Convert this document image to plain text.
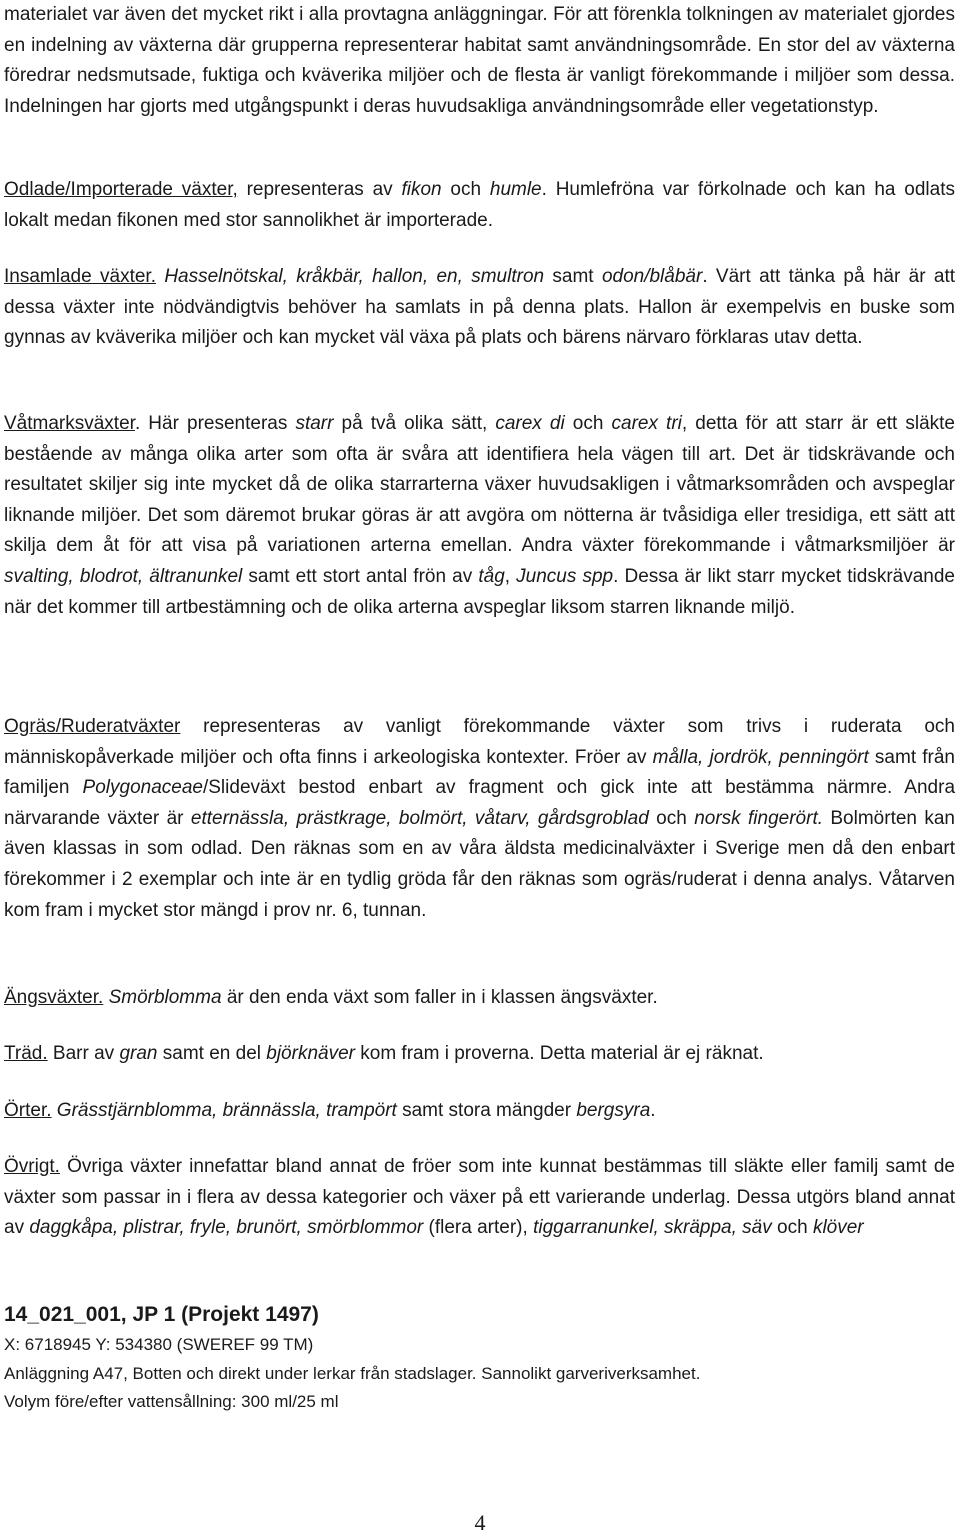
materialet var även det mycket rikt i alla provtagna anläggningar. För att förenkla tolkningen av materialet gjordes en indelning av växterna där grupperna representerar habitat samt användningsområde. En stor del av växterna föredrar nedsmutsade, fuktiga och kväverika miljöer och de flesta är vanligt förekommande i miljöer som dessa. Indelningen har gjorts med utgångspunkt i deras huvudsakliga användningsområde eller vegetationstyp.

Odlade/Importerade växter, representeras av fikon och humle. Humlefröna var förkolnade och kan ha odlats lokalt medan fikonen med stor sannolikhet är importerade.

Insamlade växter. Hasselnötskal, kråkbär, hallon, en, smultron samt odon/blåbär. Värt att tänka på här är att dessa växter inte nödvändigtvis behöver ha samlats in på denna plats. Hallon är exempelvis en buske som gynnas av kväverika miljöer och kan mycket väl växa på plats och bärens närvaro förklaras utav detta.

Våtmarksväxter. Här presenteras starr på två olika sätt, carex di och carex tri, detta för att starr är ett släkte bestående av många olika arter som ofta är svåra att identifiera hela vägen till art. Det är tidskrävande och resultatet skiljer sig inte mycket då de olika starrarterna växer huvudsakligen i våtmarksområden och avspeglar liknande miljöer. Det som däremot brukar göras är att avgöra om nötterna är tvåsidiga eller tresidiga, ett sätt att skilja dem åt för att visa på variationen arterna emellan. Andra växter förekommande i våtmarksmiljöer är svalting, blodrot, ältranunkel samt ett stort antal frön av tåg, Juncus spp. Dessa är likt starr mycket tidskrävande när det kommer till artbestämning och de olika arterna avspeglar liksom starren liknande miljö.

Ogräs/Ruderatväxter representeras av vanligt förekommande växter som trivs i ruderata och människopåverkade miljöer och ofta finns i arkeologiska kontexter. Fröer av målla, jordrök, penningört samt från familjen Polygonaceae/Slideväxt bestod enbart av fragment och gick inte att bestämma närmre. Andra närvarande växter är etternässla, prästkrage, bolmört, våtarv, gårdsgroblad och norsk fingerört. Bolmörten kan även klassas in som odlad. Den räknas som en av våra äldsta medicinalväxter i Sverige men då den enbart förekommer i 2 exemplar och inte är en tydlig gröda får den räknas som ogräs/ruderat i denna analys. Våtarven kom fram i mycket stor mängd i prov nr. 6, tunnan.

Ängsväxter. Smörblomma är den enda växt som faller in i klassen ängsväxter.

Träd. Barr av gran samt en del björknäver kom fram i proverna. Detta material är ej räknat.

Örter. Grässtjärnblomma, brännässla, trampört samt stora mängder bergsyra.

Övrigt. Övriga växter innefattar bland annat de fröer som inte kunnat bestämmas till släkte eller familj samt de växter som passar in i flera av dessa kategorier och växer på ett varierande underlag. Dessa utgörs bland annat av daggkåpa, plistrar, fryle, brunört, smörblommor (flera arter), tiggarranunkel, skräppa, säv och klöver

14_021_001, JP 1 (Projekt 1497)

X: 6718945 Y: 534380 (SWEREF 99 TM)

Anläggning A47, Botten och direkt under lerkar från stadslager. Sannolikt garveriverksamhet.

Volym före/efter vattensållning: 300 ml/25 ml

4
